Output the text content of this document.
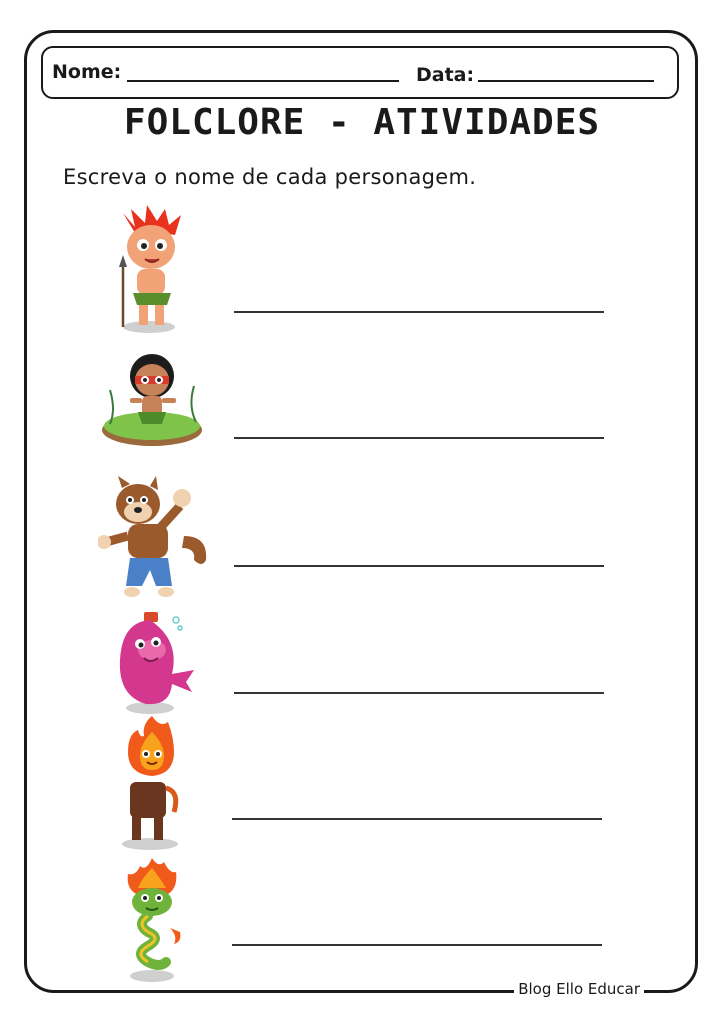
Nome:	Data:
FOLCLORE - ATIVIDADES
Escreva o nome de cada personagem.
Blog Ello Educar
